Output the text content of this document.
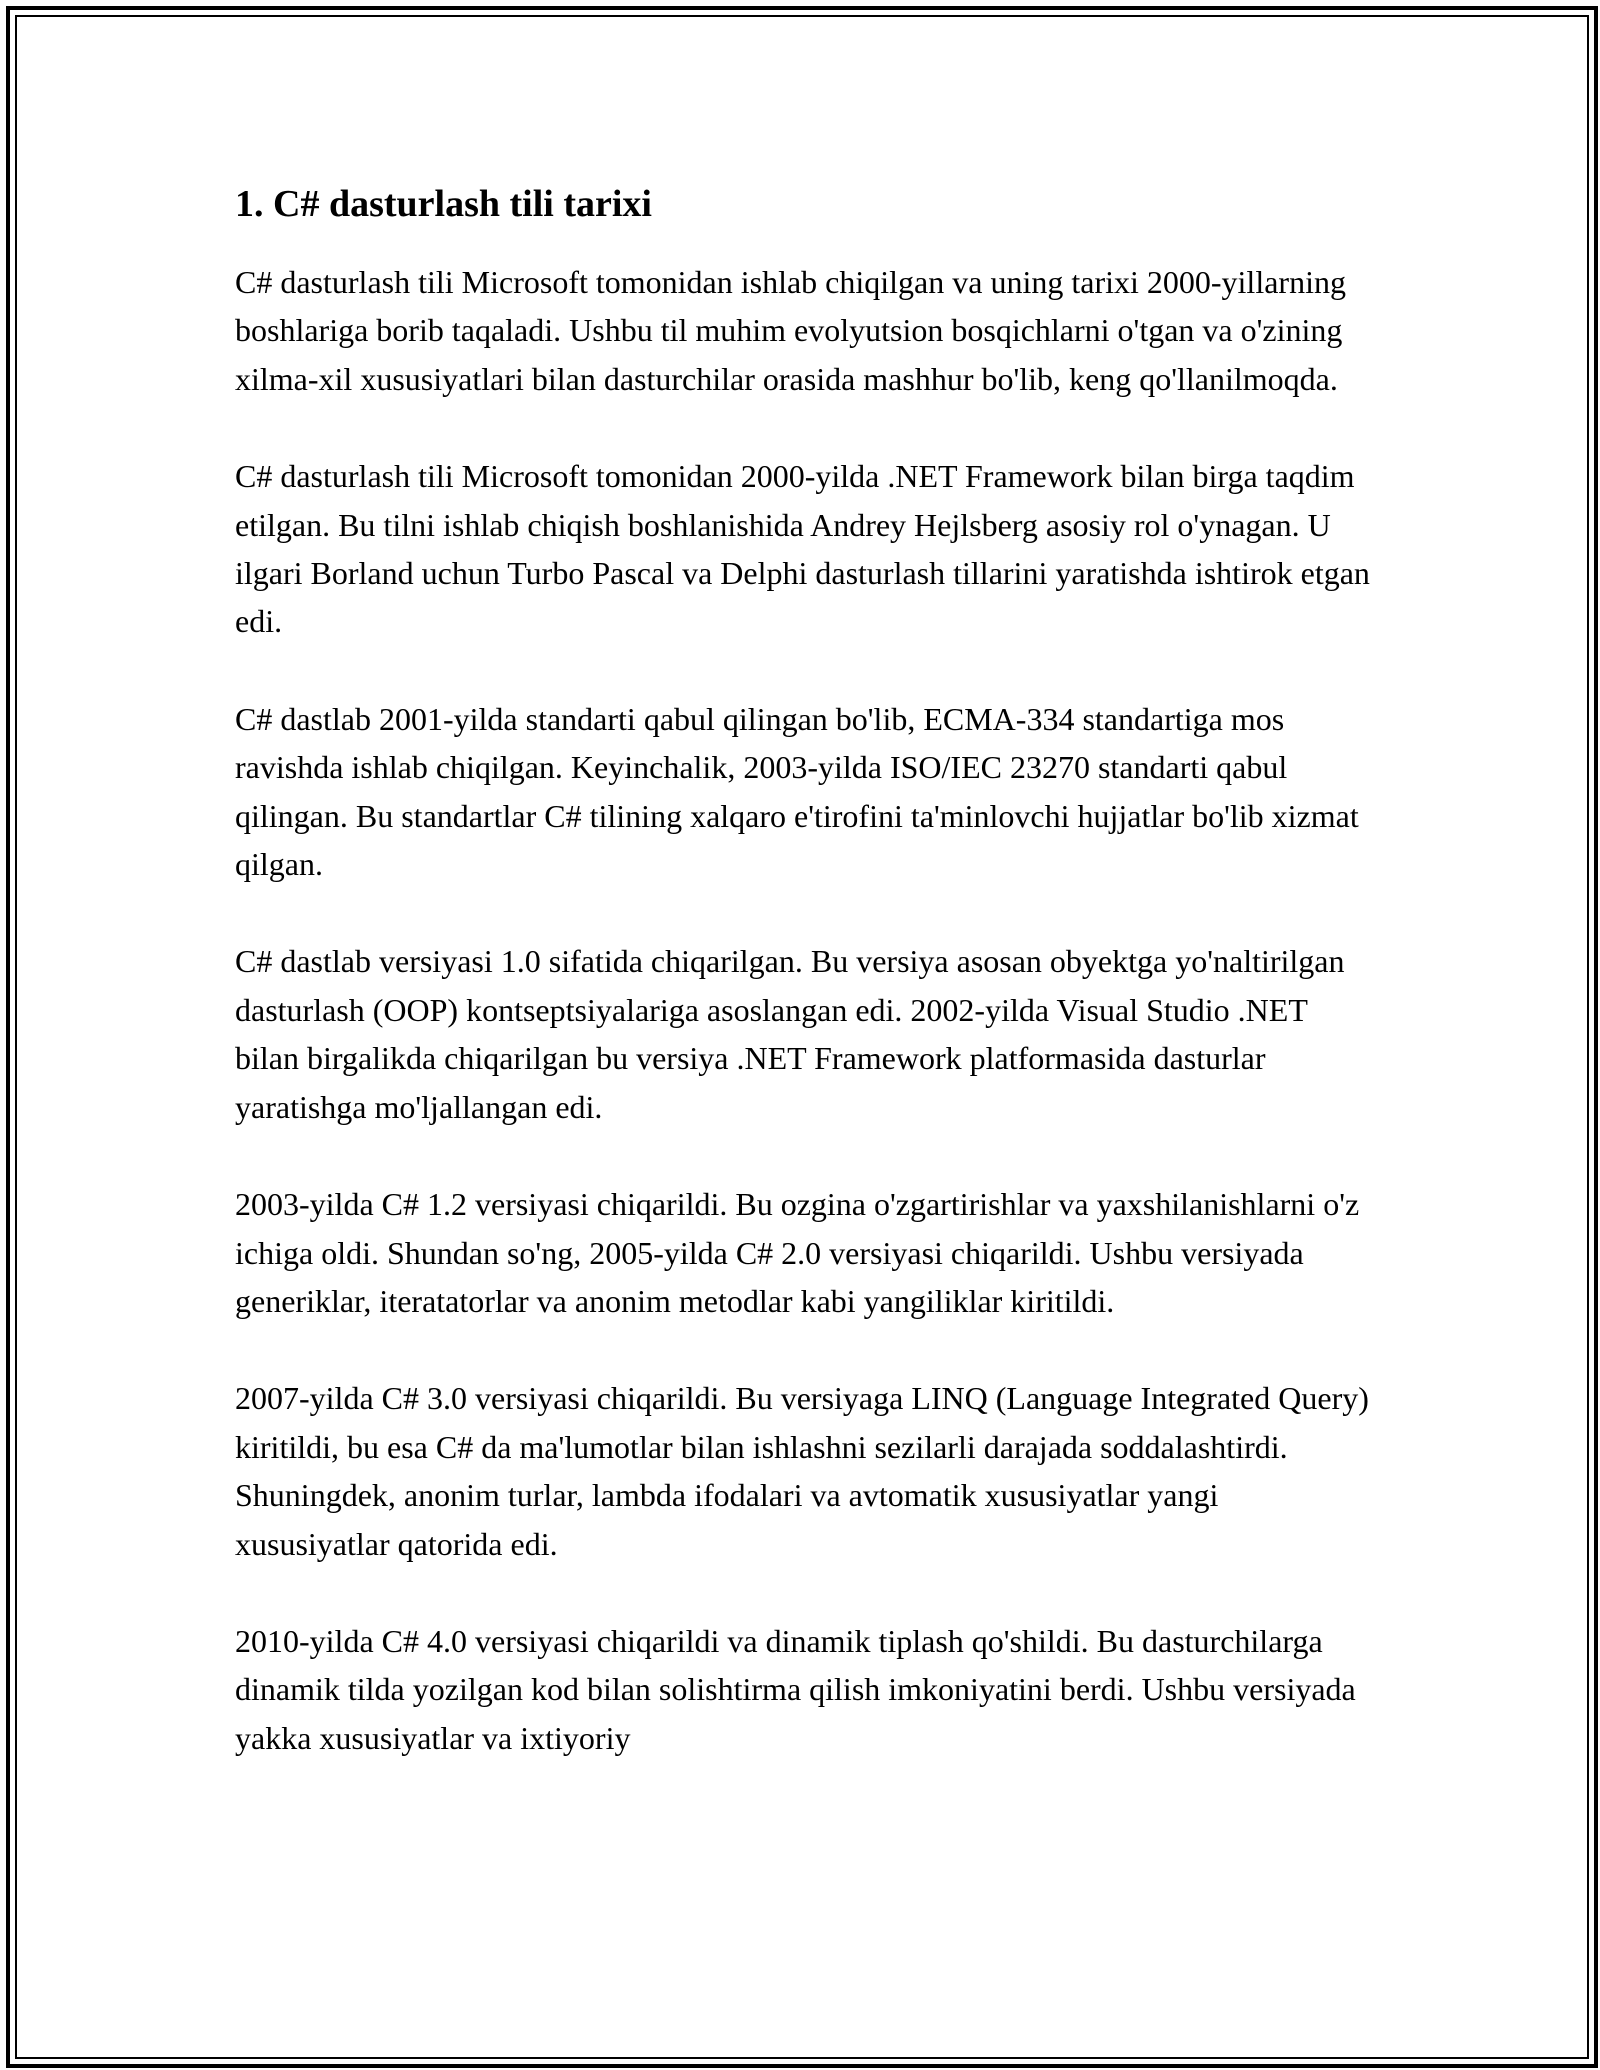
1. C# dasturlash tili tarixi

C# dasturlash tili Microsoft tomonidan ishlab chiqilgan va uning tarixi 2000-yillarning boshlariga borib taqaladi. Ushbu til muhim evolyutsion bosqichlarni o'tgan va o'zining xilma-xil xususiyatlari bilan dasturchilar orasida mashhur bo'lib, keng qo'llanilmoqda.

C# dasturlash tili Microsoft tomonidan 2000-yilda .NET Framework bilan birga taqdim etilgan. Bu tilni ishlab chiqish boshlanishida Andrey Hejlsberg asosiy rol o'ynagan. U ilgari Borland uchun Turbo Pascal va Delphi dasturlash tillarini yaratishda ishtirok etgan edi.

C# dastlab 2001-yilda standarti qabul qilingan bo'lib, ECMA-334 standartiga mos ravishda ishlab chiqilgan. Keyinchalik, 2003-yilda ISO/IEC 23270 standarti qabul qilingan. Bu standartlar C# tilining xalqaro e'tirofini ta'minlovchi hujjatlar bo'lib xizmat qilgan.

C# dastlab versiyasi 1.0 sifatida chiqarilgan. Bu versiya asosan obyektga yo'naltirilgan dasturlash (OOP) kontseptsiyalariga asoslangan edi. 2002-yilda Visual Studio .NET bilan birgalikda chiqarilgan bu versiya .NET Framework platformasida dasturlar yaratishga mo'ljallangan edi.

2003-yilda C# 1.2 versiyasi chiqarildi. Bu ozgina o'zgartirishlar va yaxshilanishlarni o'z ichiga oldi. Shundan so'ng, 2005-yilda C# 2.0 versiyasi chiqarildi. Ushbu versiyada generiklar, iteratatorlar va anonim metodlar kabi yangiliklar kiritildi.

2007-yilda C# 3.0 versiyasi chiqarildi. Bu versiyaga LINQ (Language Integrated Query) kiritildi, bu esa C# da ma'lumotlar bilan ishlashni sezilarli darajada soddalashtirdi. Shuningdek, anonim turlar, lambda ifodalari va avtomatik xususiyatlar yangi xususiyatlar qatorida edi.

2010-yilda C# 4.0 versiyasi chiqarildi va dinamik tiplash qo'shildi. Bu dasturchilarga dinamik tilda yozilgan kod bilan solishtirma qilish imkoniyatini berdi. Ushbu versiyada yakka xususiyatlar va ixtiyoriy
